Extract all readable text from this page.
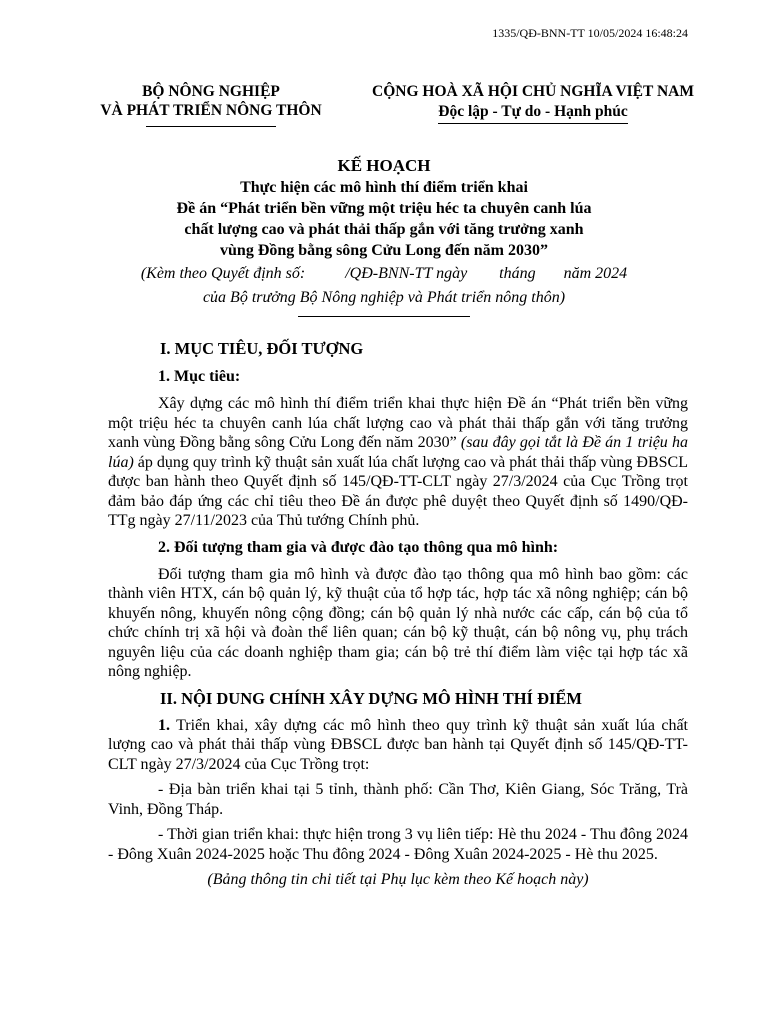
1335/QĐ-BNN-TT 10/05/2024 16:48:24
BỘ NÔNG NGHIỆP
VÀ PHÁT TRIỂN NÔNG THÔN
CỘNG HOÀ XÃ HỘI CHỦ NGHĨA VIỆT NAM
Độc lập - Tự do - Hạnh phúc
KẾ HOẠCH
Thực hiện các mô hình thí điểm triển khai
Đề án “Phát triển bền vững một triệu héc ta chuyên canh lúa
chất lượng cao và phát thải thấp gắn với tăng trưởng xanh
vùng Đồng bằng sông Cửu Long đến năm 2030”
(Kèm theo Quyết định số:          /QĐ-BNN-TT ngày        tháng       năm 2024
của Bộ trưởng Bộ Nông nghiệp và Phát triển nông thôn)
I. MỤC TIÊU, ĐỐI TƯỢNG
1. Mục tiêu:
Xây dựng các mô hình thí điểm triển khai thực hiện Đề án “Phát triển bền vững một triệu héc ta chuyên canh lúa chất lượng cao và phát thải thấp gắn với tăng trưởng xanh vùng Đồng bằng sông Cửu Long đến năm 2030” (sau đây gọi tắt là Đề án 1 triệu ha lúa) áp dụng quy trình kỹ thuật sản xuất lúa chất lượng cao và phát thải thấp vùng ĐBSCL được ban hành theo Quyết định số 145/QĐ-TT-CLT ngày 27/3/2024 của Cục Trồng trọt đảm bảo đáp ứng các chỉ tiêu theo Đề án được phê duyệt theo Quyết định số 1490/QĐ-TTg ngày 27/11/2023 của Thủ tướng Chính phủ.
2. Đối tượng tham gia và được đào tạo thông qua mô hình:
Đối tượng tham gia mô hình và được đào tạo thông qua mô hình bao gồm: các thành viên HTX, cán bộ quản lý, kỹ thuật của tổ hợp tác, hợp tác xã nông nghiệp; cán bộ khuyến nông, khuyến nông cộng đồng; cán bộ quản lý nhà nước các cấp, cán bộ của tổ chức chính trị xã hội và đoàn thể liên quan; cán bộ kỹ thuật, cán bộ nông vụ, phụ trách nguyên liệu của các doanh nghiệp tham gia; cán bộ trẻ thí điểm làm việc tại hợp tác xã nông nghiệp.
II. NỘI DUNG CHÍNH XÂY DỰNG MÔ HÌNH THÍ ĐIỂM
1. Triển khai, xây dựng các mô hình theo quy trình kỹ thuật sản xuất lúa chất lượng cao và phát thải thấp vùng ĐBSCL được ban hành tại Quyết định số 145/QĐ-TT-CLT ngày 27/3/2024 của Cục Trồng trọt:
- Địa bàn triển khai tại 5 tỉnh, thành phố: Cần Thơ, Kiên Giang, Sóc Trăng, Trà Vinh, Đồng Tháp.
- Thời gian triển khai: thực hiện trong 3 vụ liên tiếp: Hè thu 2024 - Thu đông 2024 - Đông Xuân 2024-2025 hoặc Thu đông 2024 - Đông Xuân 2024-2025 - Hè thu 2025.
(Bảng thông tin chi tiết tại Phụ lục kèm theo Kế hoạch này)
